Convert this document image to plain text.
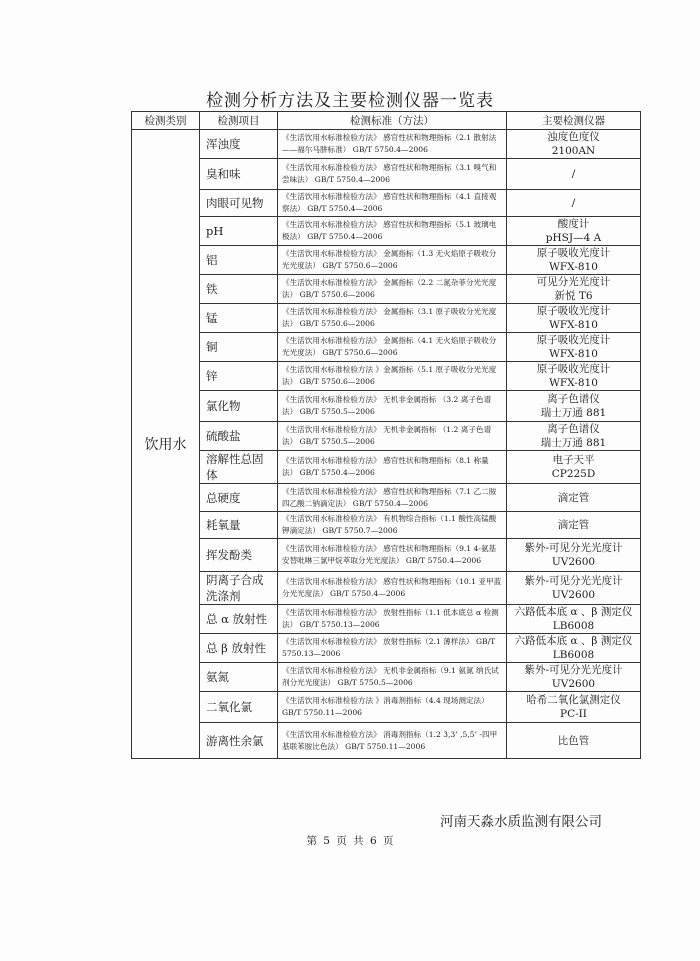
检测分析方法及主要检测仪器一览表
检测类别	检测项目	检测标准（方法）	主要检测仪器
饮用水	浑浊度	《生活饮用水标准检验方法》 感官性状和物理指标（2.1 散射法——福尔马肼标准） GB/T 5750.4—2006	浊度色度仪
2100AN
	臭和味	《生活饮用水标准检验方法》 感官性状和物理指标（3.1 嗅气和尝味法） GB/T 5750.4—2006	/
	肉眼可见物	《生活饮用水标准检验方法》 感官性状和物理指标（4.1 直接观察法） GB/T 5750.4—2006	/
	pH	《生活饮用水标准检验方法》 感官性状和物理指标（5.1 玻璃电极法） GB/T 5750.4—2006	酸度计
pHSJ—4 A
	铝	《生活饮用水标准检验方法》 金属指标（1.3 无火焰原子吸收分光光度法） GB/T 5750.6—2006	原子吸收光度计
WFX-810
	铁	《生活饮用水标准检验方法》 金属指标（2.2 二氮杂菲分光光度法） GB/T 5750.6—2006	可见分光光度计
新悦 T6
	锰	《生活饮用水标准检验方法》 金属指标（3.1 原子吸收分光光度法） GB/T 5750.6—2006	原子吸收光度计
WFX-810
	铜	《生活饮用水标准检验方法》 金属指标（4.1 无火焰原子吸收分光光度法） GB/T 5750.6—2006	原子吸收光度计
WFX-810
	锌	《生活饮用水标准检验方法 》金属指标（5.1 原子吸收分光光度法） GB/T 5750.6—2006	原子吸收光度计
WFX-810
	氯化物	《生活饮用水标准检验方法》 无机非金属指标 （3.2 离子色谱法） GB/T 5750.5—2006	离子色谱仪
瑞士万通 881
	硫酸盐	《生活饮用水标准检验方法》 无机非金属指标 （1.2 离子色谱法） GB/T 5750.5—2006	离子色谱仪
瑞士万通 881
	溶解性总固体	《生活饮用水标准检验方法》 感官性状和物理指标（8.1 称量法） GB/T 5750.4—2006	电子天平
CP225D
	总硬度	《生活饮用水标准检验方法》 感官性状和物理指标（7.1 乙二胺四乙酸二钠滴定法） GB/T 5750.4—2006	滴定管
	耗氧量	《生活饮用水标准检验方法》 有机物综合指标（1.1 酸性高锰酸钾滴定法） GB/T 5750.7—2006	滴定管
	挥发酚类	《生活饮用水标准检验方法》 感官性状和物理指标（9.1 4-氨基安替吡啉三氯甲烷萃取分光光度法） GB/T 5750.4—2006	紫外-可见分光光度计
UV2600
	阴离子合成洗涤剂	《生活饮用水标准检验方法》 感官性状和物理指标（10.1 亚甲蓝分光光度法） GB/T 5750.4—2006	紫外-可见分光光度计
UV2600
	总 α 放射性	《生活饮用水标准检验方法》 放射性指标（1.1 低本底总 α 检测法） GB/T 5750.13—2006	六路低本底 α 、β 测定仪
LB6008
	总 β 放射性	《生活饮用水标准检验方法》 放射性指标（2.1 薄样法） GB/T 5750.13—2006	六路低本底 α 、β 测定仪
LB6008
	氨氮	《生活饮用水标准检验方法》 无机非金属指标（9.1 氨氮 纳氏试剂分光光度法） GB/T 5750.5—2006	紫外-可见分光光度计
UV2600
	二氧化氯	《生活饮用水标准检验方法 》消毒剂指标（4.4 现场测定法） GB/T 5750.11—2006	哈希二氧化氯测定仪
PC-II
	游离性余氯	《生活饮用水标准检验方法》 消毒剂指标（1.2 3,3’ ,5,5’ -四甲基联苯胺比色法） GB/T 5750.11—2006	比色管
河南天淼水质监测有限公司
第 5 页 共 6 页
